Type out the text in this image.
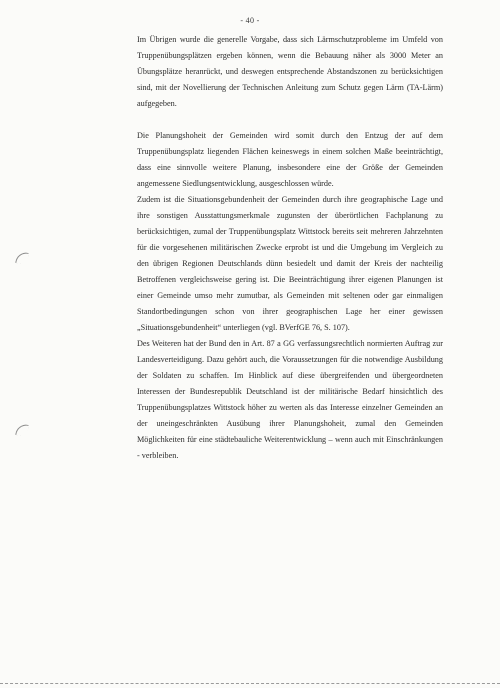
- 40 -

Im Übrigen wurde die generelle Vorgabe, dass sich Lärmschutzprobleme im Umfeld von Truppenübungsplätzen ergeben können, wenn die Bebauung näher als 3000 Meter an Übungsplätze heranrückt, und deswegen entsprechende Abstandszonen zu berücksichtigen sind, mit der Novellierung der Technischen Anleitung zum Schutz gegen Lärm (TA-Lärm) aufgegeben.

Die Planungshoheit der Gemeinden wird somit durch den Entzug der auf dem Truppenübungsplatz liegenden Flächen keineswegs in einem solchen Maße beeinträchtigt, dass eine sinnvolle weitere Planung, insbesondere eine der Größe der Gemeinden angemessene Siedlungsentwicklung, ausgeschlossen würde.

Zudem ist die Situationsgebundenheit der Gemeinden durch ihre geographische Lage und ihre sonstigen Ausstattungsmerkmale zugunsten der überörtlichen Fachplanung zu berücksichtigen, zumal der Truppenübungsplatz Wittstock bereits seit mehreren Jahrzehnten für die vorgesehenen militärischen Zwecke erprobt ist und die Umgebung im Vergleich zu den übrigen Regionen Deutschlands dünn besiedelt und damit der Kreis der nachteilig Betroffenen vergleichsweise gering ist. Die Beeinträchtigung ihrer eigenen Planungen ist einer Gemeinde umso mehr zumutbar, als Gemeinden mit seltenen oder gar einmaligen Standortbedingungen schon von ihrer geographischen Lage her einer gewissen „Situationsgebundenheit“ unterliegen (vgl. BVerfGE 76, S. 107).

Des Weiteren hat der Bund den in Art. 87 a GG verfassungsrechtlich normierten Auftrag zur Landesverteidigung. Dazu gehört auch, die Voraussetzungen für die notwendige Ausbildung der Soldaten zu schaffen. Im Hinblick auf diese übergreifenden und übergeordneten Interessen der Bundesrepublik Deutschland ist der militärische Bedarf hinsichtlich des Truppenübungsplatzes Wittstock höher zu werten als das Interesse einzelner Gemeinden an der uneingeschränkten Ausübung ihrer Planungshoheit, zumal den Gemeinden Möglichkeiten für eine städtebauliche Weiterentwicklung – wenn auch mit Einschränkungen - verbleiben.
